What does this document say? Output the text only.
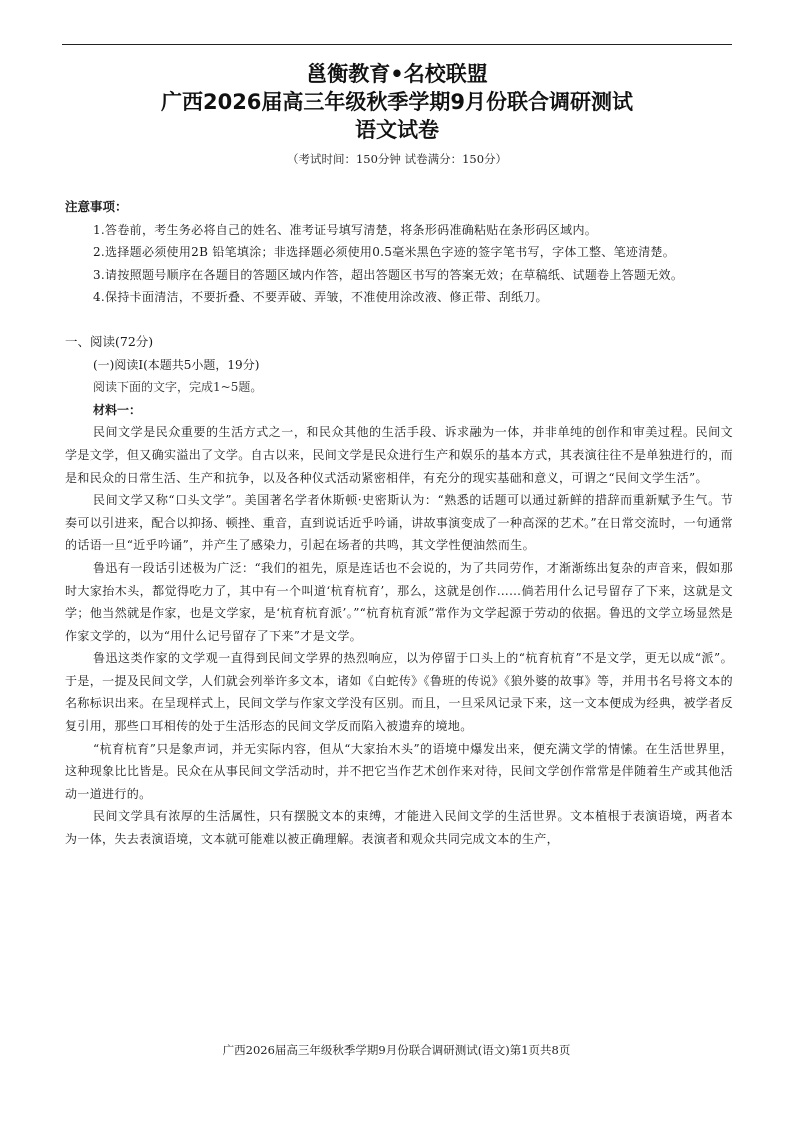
邕衡教育•名校联盟
广西2026届高三年级秋季学期9月份联合调研测试
语文试卷
（考试时间：150分钟 试卷满分：150分）

注意事项：

1.答卷前，考生务必将自己的姓名、准考证号填写清楚，将条形码准确粘贴在条形码区域内。

2.选择题必须使用2B 铅笔填涂；非选择题必须使用0.5毫米黑色字迹的签字笔书写，字体工整、笔迹清楚。

3.请按照题号顺序在各题目的答题区域内作答，超出答题区书写的答案无效；在草稿纸、试题卷上答题无效。

4.保持卡面清洁，不要折叠、不要弄破、弄皱，不准使用涂改液、修正带、刮纸刀。

一、阅读(72分)

(一)阅读Ⅰ(本题共5小题，19分)

阅读下面的文字，完成1~5题。

材料一：

民间文学是民众重要的生活方式之一，和民众其他的生活手段、诉求融为一体，并非单纯的创作和审美过程。民间文学是文学，但又确实溢出了文学。自古以来，民间文学是民众进行生产和娱乐的基本方式，其表演往往不是单独进行的，而是和民众的日常生活、生产和抗争，以及各种仪式活动紧密相伴，有充分的现实基础和意义，可谓之“民间文学生活”。

民间文学又称“口头文学”。美国著名学者休斯顿·史密斯认为：“熟悉的话题可以通过新鲜的措辞而重新赋予生气。节奏可以引进来，配合以抑扬、顿挫、重音，直到说话近乎吟诵，讲故事演变成了一种高深的艺术。”在日常交流时，一句通常的话语一旦“近乎吟诵”，并产生了感染力，引起在场者的共鸣，其文学性便油然而生。

鲁迅有一段话引述极为广泛：“我们的祖先，原是连话也不会说的，为了共同劳作，才渐渐练出复杂的声音来，假如那时大家抬木头，都觉得吃力了，其中有一个叫道‘杭育杭育’，那么，这就是创作……倘若用什么记号留存了下来，这就是文学；他当然就是作家，也是文学家，是‘杭育杭育派’。”“杭育杭育派”常作为文学起源于劳动的依据。鲁迅的文学立场显然是作家文学的，以为“用什么记号留存了下来”才是文学。

鲁迅这类作家的文学观一直得到民间文学界的热烈响应，以为停留于口头上的“杭育杭育”不是文学，更无以成“派”。于是，一提及民间文学，人们就会列举许多文本，诸如《白蛇传》《鲁班的传说》《狼外婆的故事》等，并用书名号将文本的名称标识出来。在呈现样式上，民间文学与作家文学没有区别。而且，一旦采风记录下来，这一文本便成为经典，被学者反复引用，那些口耳相传的处于生活形态的民间文学反而陷入被遗弃的境地。

“杭育杭育”只是象声词，并无实际内容，但从“大家抬木头”的语境中爆发出来，便充满文学的情愫。在生活世界里，这种现象比比皆是。民众在从事民间文学活动时，并不把它当作艺术创作来对待，民间文学创作常常是伴随着生产或其他活动一道进行的。

民间文学具有浓厚的生活属性，只有摆脱文本的束缚，才能进入民间文学的生活世界。文本植根于表演语境，两者本为一体，失去表演语境，文本就可能难以被正确理解。表演者和观众共同完成文本的生产，

广西2026届高三年级秋季学期9月份联合调研测试(语文)第1页共8页
